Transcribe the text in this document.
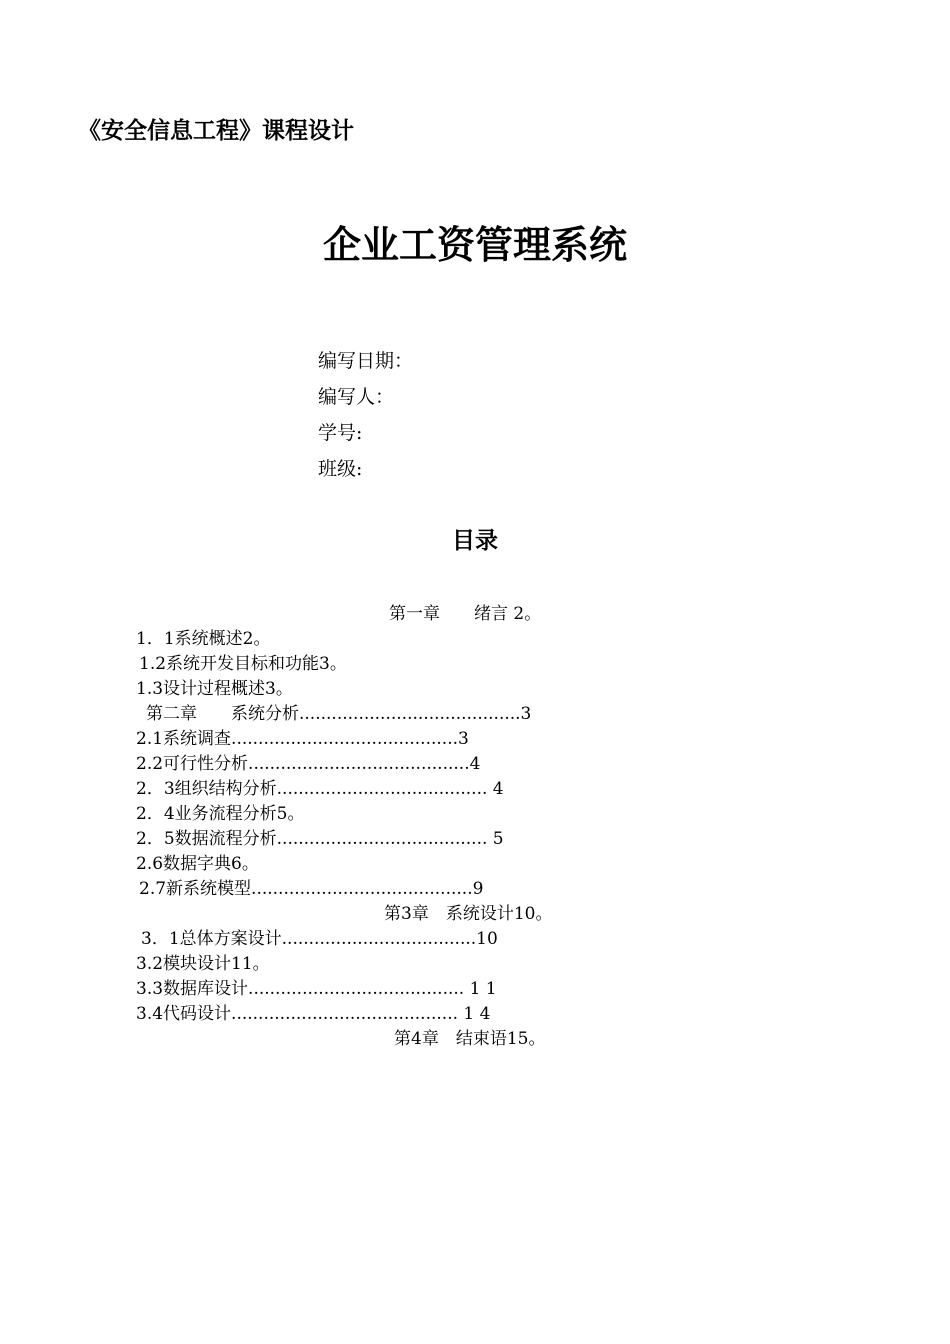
《安全信息工程》课程设计
企业工资管理系统
编写日期：
编写人：
学号:
班级:
目录
第一章　　绪言 2。
1．1系统概述2。
1.2系统开发目标和功能3。
1.3设计过程概述3。
第二章　　系统分析.........................................3
2.1系统调查..........................................3
2.2可行性分析.........................................4
2．3组织结构分析....................................... 4
2．4业务流程分析5。
2．5数据流程分析....................................... 5
2.6数据字典6。
2.7新系统模型.........................................9
第3章　系统设计10。
3．1总体方案设计....................................10
3.2模块设计11。
3.3数据库设计........................................ 1 1
3.4代码设计.......................................... 1 4
第4章　结束语15。
